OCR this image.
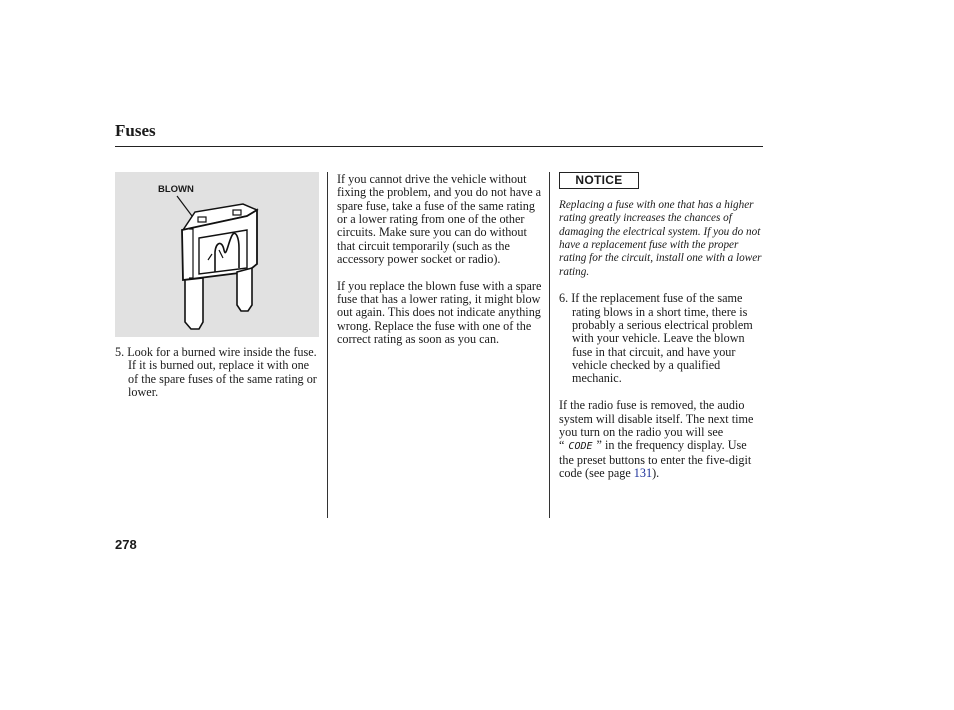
Fuses
BLOWN

5. Look for a burned wire inside the fuse. If it is burned out, replace it with one of the spare fuses of the same rating or lower.

If you cannot drive the vehicle without fixing the problem, and you do not have a spare fuse, take a fuse of the same rating or a lower rating from one of the other circuits. Make sure you can do without that circuit temporarily (such as the accessory power socket or radio).

If you replace the blown fuse with a spare fuse that has a lower rating, it might blow out again. This does not indicate anything wrong. Replace the fuse with one of the correct rating as soon as you can.

NOTICE

Replacing a fuse with one that has a higher rating greatly increases the chances of damaging the electrical system. If you do not have a replacement fuse with the proper rating for the circuit, install one with a lower rating.

6. If the replacement fuse of the same rating blows in a short time, there is probably a serious electrical problem with your vehicle. Leave the blown fuse in that circuit, and have your vehicle checked by a qualified mechanic.

If the radio fuse is removed, the audio system will disable itself. The next time you turn on the radio you will see “ CODE ” in the frequency display. Use the preset buttons to enter the five-digit code (see page 131).

278
